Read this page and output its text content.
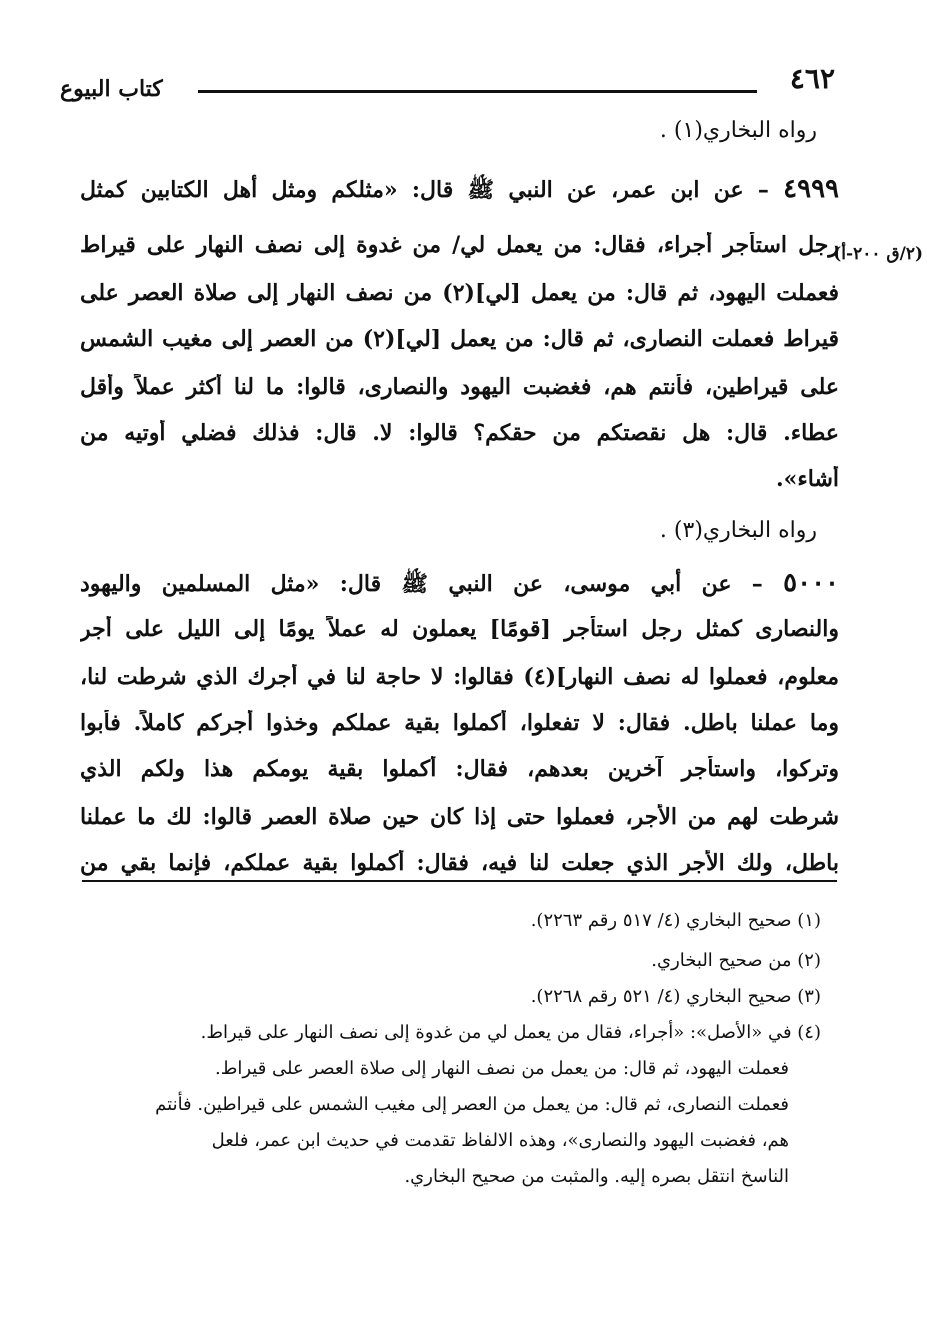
٤٦٢
كتاب البيوع
رواه البخاري(١) .
(٢/ق ٢٠٠-أ)
٤٩٩٩ – عن ابن عمر، عن النبي ﷺ قال: «مثلكم ومثل أهل الكتابين كمثل
رجل استأجر أجراء، فقال: من يعمل لي/ من غدوة إلى نصف النهار على قيراط
فعملت اليهود، ثم قال: من يعمل [لي](٢) من نصف النهار إلى صلاة العصر على
قيراط فعملت النصارى، ثم قال: من يعمل [لي](٢) من العصر إلى مغيب الشمس
على قيراطين، فأنتم هم، فغضبت اليهود والنصارى، قالوا: ما لنا أكثر عملاً وأقل
عطاء. قال: هل نقصتكم من حقكم؟ قالوا: لا. قال: فذلك فضلي أوتيه من
أشاء».
رواه البخاري(٣) .
٥٠٠٠ – عن أبي موسى، عن النبي ﷺ قال: «مثل المسلمين واليهود
والنصارى كمثل رجل استأجر [قومًا] يعملون له عملاً يومًا إلى الليل على أجر
معلوم، فعملوا له نصف النهار](٤) فقالوا: لا حاجة لنا في أجرك الذي شرطت لنا،
وما عملنا باطل. فقال: لا تفعلوا، أكملوا بقية عملكم وخذوا أجركم كاملاً. فأبوا
وتركوا، واستأجر آخرين بعدهم، فقال: أكملوا بقية يومكم هذا ولكم الذي
شرطت لهم من الأجر، فعملوا حتى إذا كان حين صلاة العصر قالوا: لك ما عملنا
باطل، ولك الأجر الذي جعلت لنا فيه، فقال: أكملوا بقية عملكم، فإنما بقي من
(١) صحيح البخاري (٤/ ٥١٧ رقم ٢٢٦٣).
(٢) من صحيح البخاري.
(٣) صحيح البخاري (٤/ ٥٢١ رقم ٢٢٦٨).
(٤) في «الأصل»: «أجراء، فقال من يعمل لي من غدوة إلى نصف النهار على قيراط.
فعملت اليهود، ثم قال: من يعمل من نصف النهار إلى صلاة العصر على قيراط.
فعملت النصارى، ثم قال: من يعمل من العصر إلى مغيب الشمس على قيراطين. فأنتم
هم، فغضبت اليهود والنصارى»، وهذه الالفاظ تقدمت في حديث ابن عمر، فلعل
الناسخ انتقل بصره إليه. والمثبت من صحيح البخاري.
